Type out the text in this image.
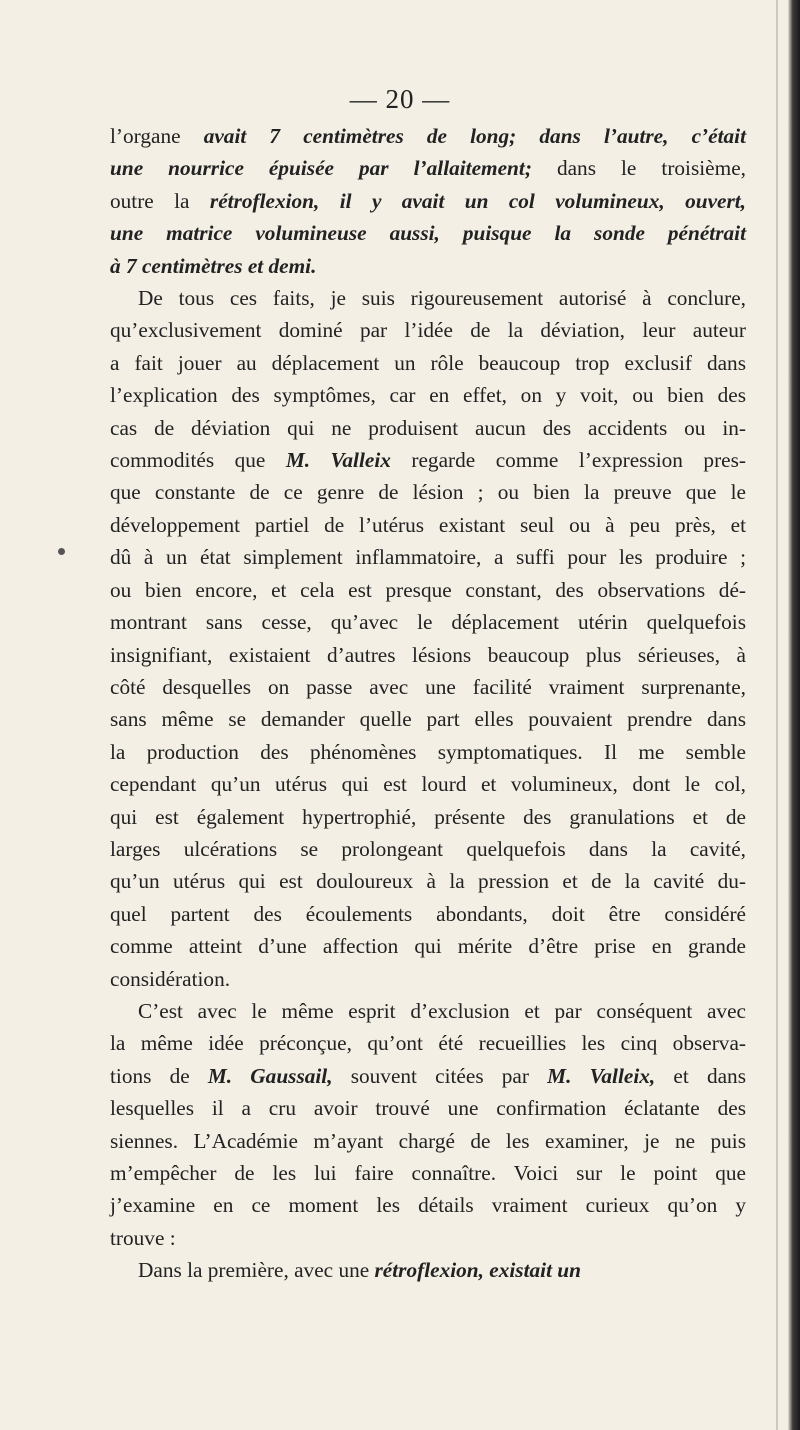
— 20 —
l’organe avait 7 centimètres de long; dans l’autre, c’était
une nourrice épuisée par l’allaitement; dans le troisième,
outre la rétroflexion, il y avait un col volumineux, ouvert,
une matrice volumineuse aussi, puisque la sonde pénétrait
à 7 centimètres et demi.
De tous ces faits, je suis rigoureusement autorisé à conclure,
qu’exclusivement dominé par l’idée de la déviation, leur auteur
a fait jouer au déplacement un rôle beaucoup trop exclusif dans
l’explication des symptômes, car en effet, on y voit, ou bien des
cas de déviation qui ne produisent aucun des accidents ou in-
commodités que M. Valleix regarde comme l’expression pres-
que constante de ce genre de lésion ; ou bien la preuve que le
développement partiel de l’utérus existant seul ou à peu près, et
dû à un état simplement inflammatoire, a suffi pour les produire ;
ou bien encore, et cela est presque constant, des observations dé-
montrant sans cesse, qu’avec le déplacement utérin quelquefois
insignifiant, existaient d’autres lésions beaucoup plus sérieuses, à
côté desquelles on passe avec une facilité vraiment surprenante,
sans même se demander quelle part elles pouvaient prendre dans
la production des phénomènes symptomatiques. Il me semble
cependant qu’un utérus qui est lourd et volumineux, dont le col,
qui est également hypertrophié, présente des granulations et de
larges ulcérations se prolongeant quelquefois dans la cavité,
qu’un utérus qui est douloureux à la pression et de la cavité du-
quel partent des écoulements abondants, doit être considéré
comme atteint d’une affection qui mérite d’être prise en grande
considération.
C’est avec le même esprit d’exclusion et par conséquent avec
la même idée préconçue, qu’ont été recueillies les cinq observa-
tions de M. Gaussail, souvent citées par M. Valleix, et dans
lesquelles il a cru avoir trouvé une confirmation éclatante des
siennes. L’Académie m’ayant chargé de les examiner, je ne puis
m’empêcher de les lui faire connaître. Voici sur le point que
j’examine en ce moment les détails vraiment curieux qu’on y
trouve :
Dans la première, avec une rétroflexion, existait un
